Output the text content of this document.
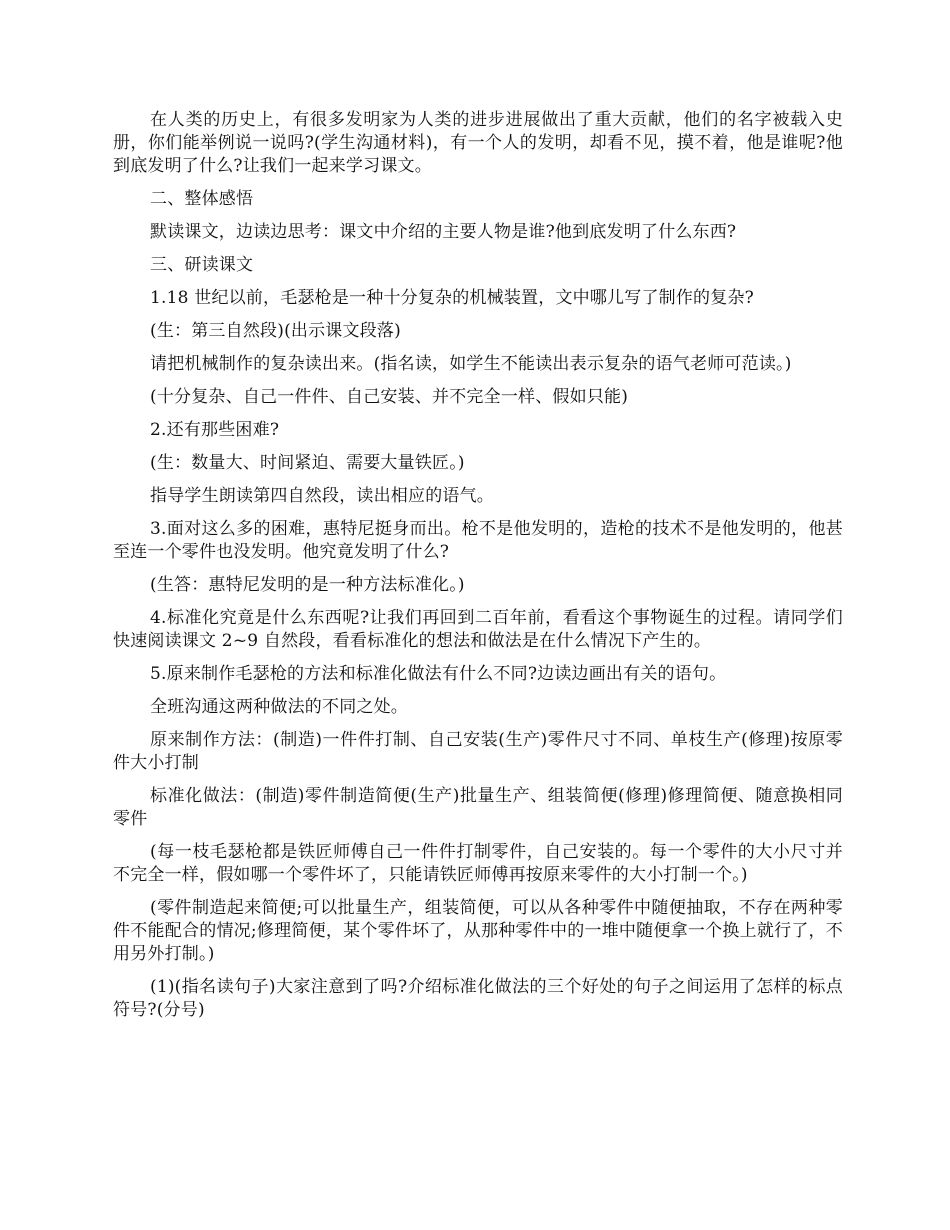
在人类的历史上，有很多发明家为人类的进步进展做出了重大贡献，他们的名字被载入史册，你们能举例说一说吗?(学生沟通材料)，有一个人的发明，却看不见，摸不着，他是谁呢?他到底发明了什么?让我们一起来学习课文。

二、整体感悟

默读课文，边读边思考：课文中介绍的主要人物是谁?他到底发明了什么东西?

三、研读课文

1.18 世纪以前，毛瑟枪是一种十分复杂的机械装置，文中哪儿写了制作的复杂?

(生：第三自然段)(出示课文段落)

请把机械制作的复杂读出来。(指名读，如学生不能读出表示复杂的语气老师可范读。)

(十分复杂、自己一件件、自己安装、并不完全一样、假如只能)

2.还有那些困难?

(生：数量大、时间紧迫、需要大量铁匠。)

指导学生朗读第四自然段，读出相应的语气。

3.面对这么多的困难，惠特尼挺身而出。枪不是他发明的，造枪的技术不是他发明的，他甚至连一个零件也没发明。他究竟发明了什么?

(生答：惠特尼发明的是一种方法标准化。)

4.标准化究竟是什么东西呢?让我们再回到二百年前，看看这个事物诞生的过程。请同学们快速阅读课文 2~9 自然段，看看标准化的想法和做法是在什么情况下产生的。

5.原来制作毛瑟枪的方法和标准化做法有什么不同?边读边画出有关的语句。

全班沟通这两种做法的不同之处。

原来制作方法：(制造)一件件打制、自己安装(生产)零件尺寸不同、单枝生产(修理)按原零件大小打制

标准化做法：(制造)零件制造简便(生产)批量生产、组装简便(修理)修理简便、随意换相同零件

(每一枝毛瑟枪都是铁匠师傅自己一件件打制零件，自己安装的。每一个零件的大小尺寸并不完全一样，假如哪一个零件坏了，只能请铁匠师傅再按原来零件的大小打制一个。)

(零件制造起来简便;可以批量生产，组装简便，可以从各种零件中随便抽取，不存在两种零件不能配合的情况;修理简便，某个零件坏了，从那种零件中的一堆中随便拿一个换上就行了，不用另外打制。)

(1)(指名读句子)大家注意到了吗?介绍标准化做法的三个好处的句子之间运用了怎样的标点符号?(分号)
